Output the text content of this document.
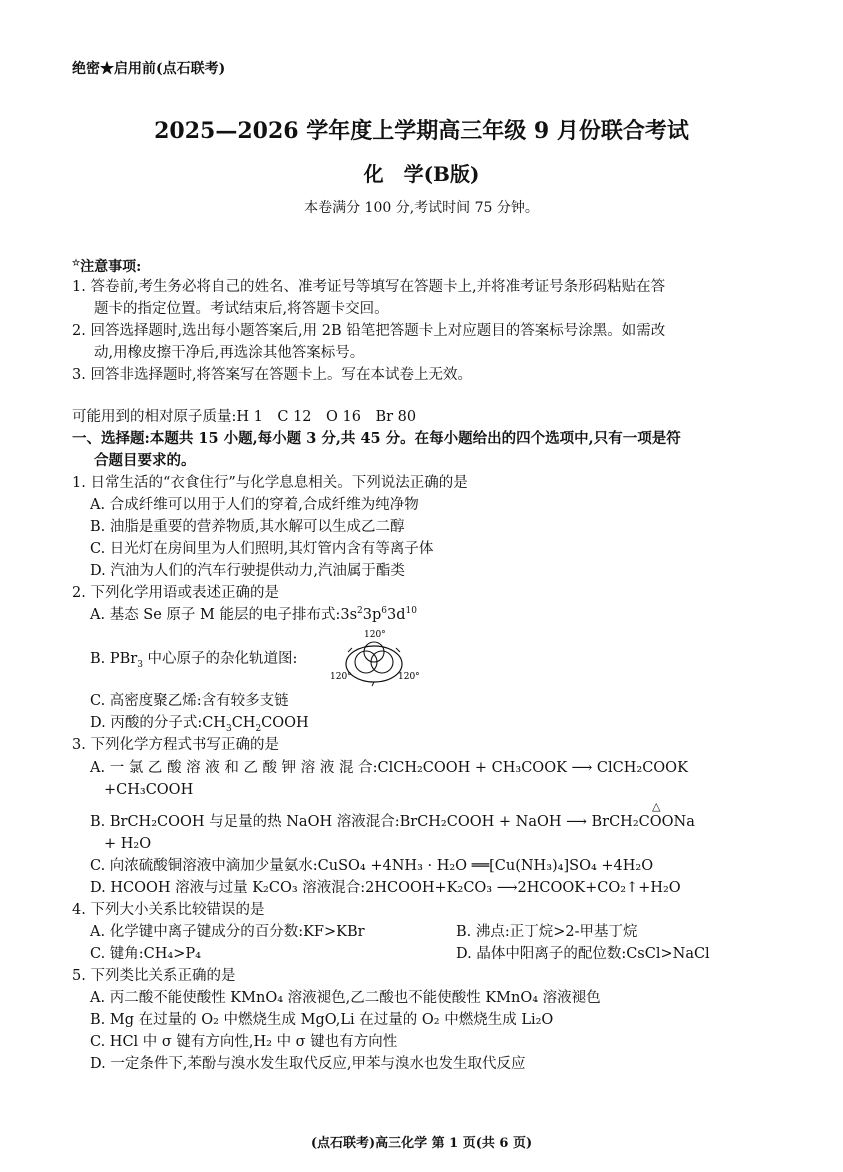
绝密★启用前(点石联考)
2025—2026 学年度上学期高三年级 9 月份联合考试
化　学(B版)
本卷满分 100 分,考试时间 75 分钟。
☆注意事项:
1. 答卷前,考生务必将自己的姓名、准考证号等填写在答题卡上,并将准考证号条形码粘贴在答
题卡的指定位置。考试结束后,将答题卡交回。
2. 回答选择题时,选出每小题答案后,用 2B 铅笔把答题卡上对应题目的答案标号涂黑。如需改
动,用橡皮擦干净后,再选涂其他答案标号。
3. 回答非选择题时,将答案写在答题卡上。写在本试卷上无效。
可能用到的相对原子质量:H 1　C 12　O 16　Br 80
一、选择题:本题共 15 小题,每小题 3 分,共 45 分。在每小题给出的四个选项中,只有一项是符
合题目要求的。
1. 日常生活的“衣食住行”与化学息息相关。下列说法正确的是
A. 合成纤维可以用于人们的穿着,合成纤维为纯净物
B. 油脂是重要的营养物质,其水解可以生成乙二醇
C. 日光灯在房间里为人们照明,其灯管内含有等离子体
D. 汽油为人们的汽车行驶提供动力,汽油属于酯类
2. 下列化学用语或表述正确的是
A. 基态 Se 原子 M 能层的电子排布式$:3s^23p^63d^{10}$
B. PBr$_3$ 中心原子的杂化轨道图:
120°
120°	120°
C. 高密度聚乙烯:含有较多支链
D. 丙酸的分子式$:CH_3CH_2COOH$
3. 下列化学方程式书写正确的是
A. 一 氯 乙 酸 溶 液 和 乙 酸 钾 溶 液 混 合:ClCH₂COOH + CH₃COOK ⟶ ClCH₂COOK
+CH₃COOH
△
B. BrCH₂COOH 与足量的热 NaOH 溶液混合:BrCH₂COOH + NaOH ⟶ BrCH₂COONa
+ H₂O
C. 向浓硫酸铜溶液中滴加少量氨水:CuSO₄ +4NH₃ · H₂O ══[Cu(NH₃)₄]SO₄ +4H₂O
D. HCOOH 溶液与过量 K₂CO₃ 溶液混合:2HCOOH+K₂CO₃ ⟶2HCOOK+CO₂↑+H₂O
4. 下列大小关系比较错误的是
A. 化学键中离子键成分的百分数:KF>KBr	B. 沸点:正丁烷>2-甲基丁烷
C. 键角:CH₄>P₄	D. 晶体中阳离子的配位数:CsCl>NaCl
5. 下列类比关系正确的是
A. 丙二酸不能使酸性 KMnO₄ 溶液褪色,乙二酸也不能使酸性 KMnO₄ 溶液褪色
B. Mg 在过量的 O₂ 中燃烧生成 MgO,Li 在过量的 O₂ 中燃烧生成 Li₂O
C. HCl 中 σ 键有方向性,H₂ 中 σ 键也有方向性
D. 一定条件下,苯酚与溴水发生取代反应,甲苯与溴水也发生取代反应
(点石联考)高三化学 第 1 页(共 6 页)
